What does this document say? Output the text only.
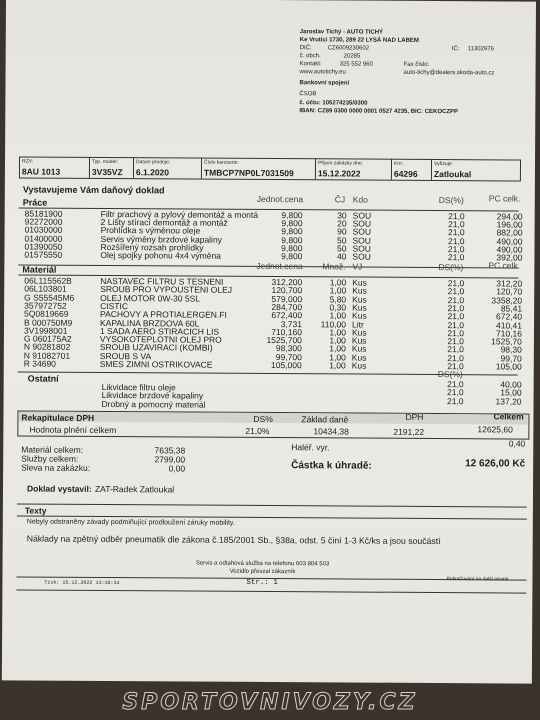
Jaroslav Tichý - AUTO TICHÝ
Ke Vrutici 1730, 289 22 LYSÁ NAD LABEM
DIČ:	CZ6009230602	IČ: 11302976
č. obch.	20285
Kontakt:	325 552 960	Fax číslo:
www.autotichy.eu	auto-tichy@dealers.skoda-auto.cz
Bankovní spojení
ČSOB
č. účtu: 105274235/0300
IBAN: CZ89 0300 0000 0001 0527 4235, BIC: CEKOCZPP
RZV:
8AU 1013
Typ. model:
3V35VZ
Datum prodeje:
6.1.2020
Číslo karoserie:
TMBCP7NP0L7031509
Příjem zakázky dne:
15.12.2022
Km:
64296
Vyřizuje:
Zatloukal
Vystavujeme Vám daňový doklad
Práce	Jednot.cena	ČJ Kdo	DS(%)	PC celk.
Materiál	Jednot.cena Množ. VJ	DS(%)	PC celk.
Ostatní	DS(%)
Rekapitulace DPH	DS%	Základ daně	DPH	Celkem
Hodnota plnění celkem	21,0%	10434,38	2191,22	12625,60
Materiál celkem:	7635,38
Služby celkem:	2799,00
Sleva na zakázku:	0,00
Haléř. vyr.	0,40
Částka k úhradě:	12 626,00 Kč
Doklad vystavil: ZAT-Radek Zatloukal
Texty
Nebyly odstraněny závady podmiňující prodloužení záruky mobility.
Náklady na zpětný odběr pneumatik dle zákona č.185/2001 Sb., §38a, odst. 5 činí 1-3 Kč/ks a jsou součástí
Servis a odtahová služba na telefonu 603 804 503
Vozidlo převzal zákazník
Tisk: 15.12.2022 13:10:34	Str.: 1	Pokračování na další straně.
85181900	Filtr prachový a pylový demontáž a montá	9,800	30 SOU	21,0	294,00
92272000	2 Lišty stírací demontáž a montáž	9,800	20 SOU	21,0	196,00
01030000	Prohlídka s výměnou oleje	9,800	90 SOU	21,0	882,00
01400000	Servis výměny brzdové kapaliny	9,800	50 SOU	21,0	490,00
01390050	Rozšířený rozsah prohlídky	9,800	50 SOU	21,0	490,00
01575550	Olej spojky pohonu 4x4 výměna	9,800	40 SOU	21,0	392,00
06L115562B	NASTAVEC FILTRU S TESNENI	312,200	1,00 Kus	21,0	312,20
06L103801	SROUB PRO VYPOUSTENI OLEJ	120,700	1,00 Kus	21,0	120,70
G S55545M6	OLEJ MOTOR 0W-30 5SL	579,000	5,80 Kus	21,0	3358,20
357972752	CISTIC	284,700	0,30 Kus	21,0	85,41
5Q0819669	PACHOVY A PROTIALERGEN.FI	672,400	1,00 Kus	21,0	672,40
B 000750M9	KAPALINA BRZDOVA 60L	3,731	110,00 Litr	21,0	410,41
3V1998001	1 SADA AERO STIRACICH LIS	710,160	1,00 Kus	21,0	710,16
G 060175A2	VYSOKOTEPLOTNI OLEJ PRO	1525,700	1,00 Kus	21,0	1525,70
N 90281802	SROUB UZAVIRACI (KOMBI)	98,300	1,00 Kus	21,0	98,30
N 91082701	SROUB S VA	99,700	1,00 Kus	21,0	99,70
R 34690	SMES ZIMNI OSTRIKOVACE	105,000	1,00 Kus	21,0	105,00
Likvidace filtru oleje	21,0	40,00
Likvidace brzdové kapaliny	21,0	15,00
Drobný a pomocný materiál	21,0	137,20
SPORTOVNIVOZY.CZ
